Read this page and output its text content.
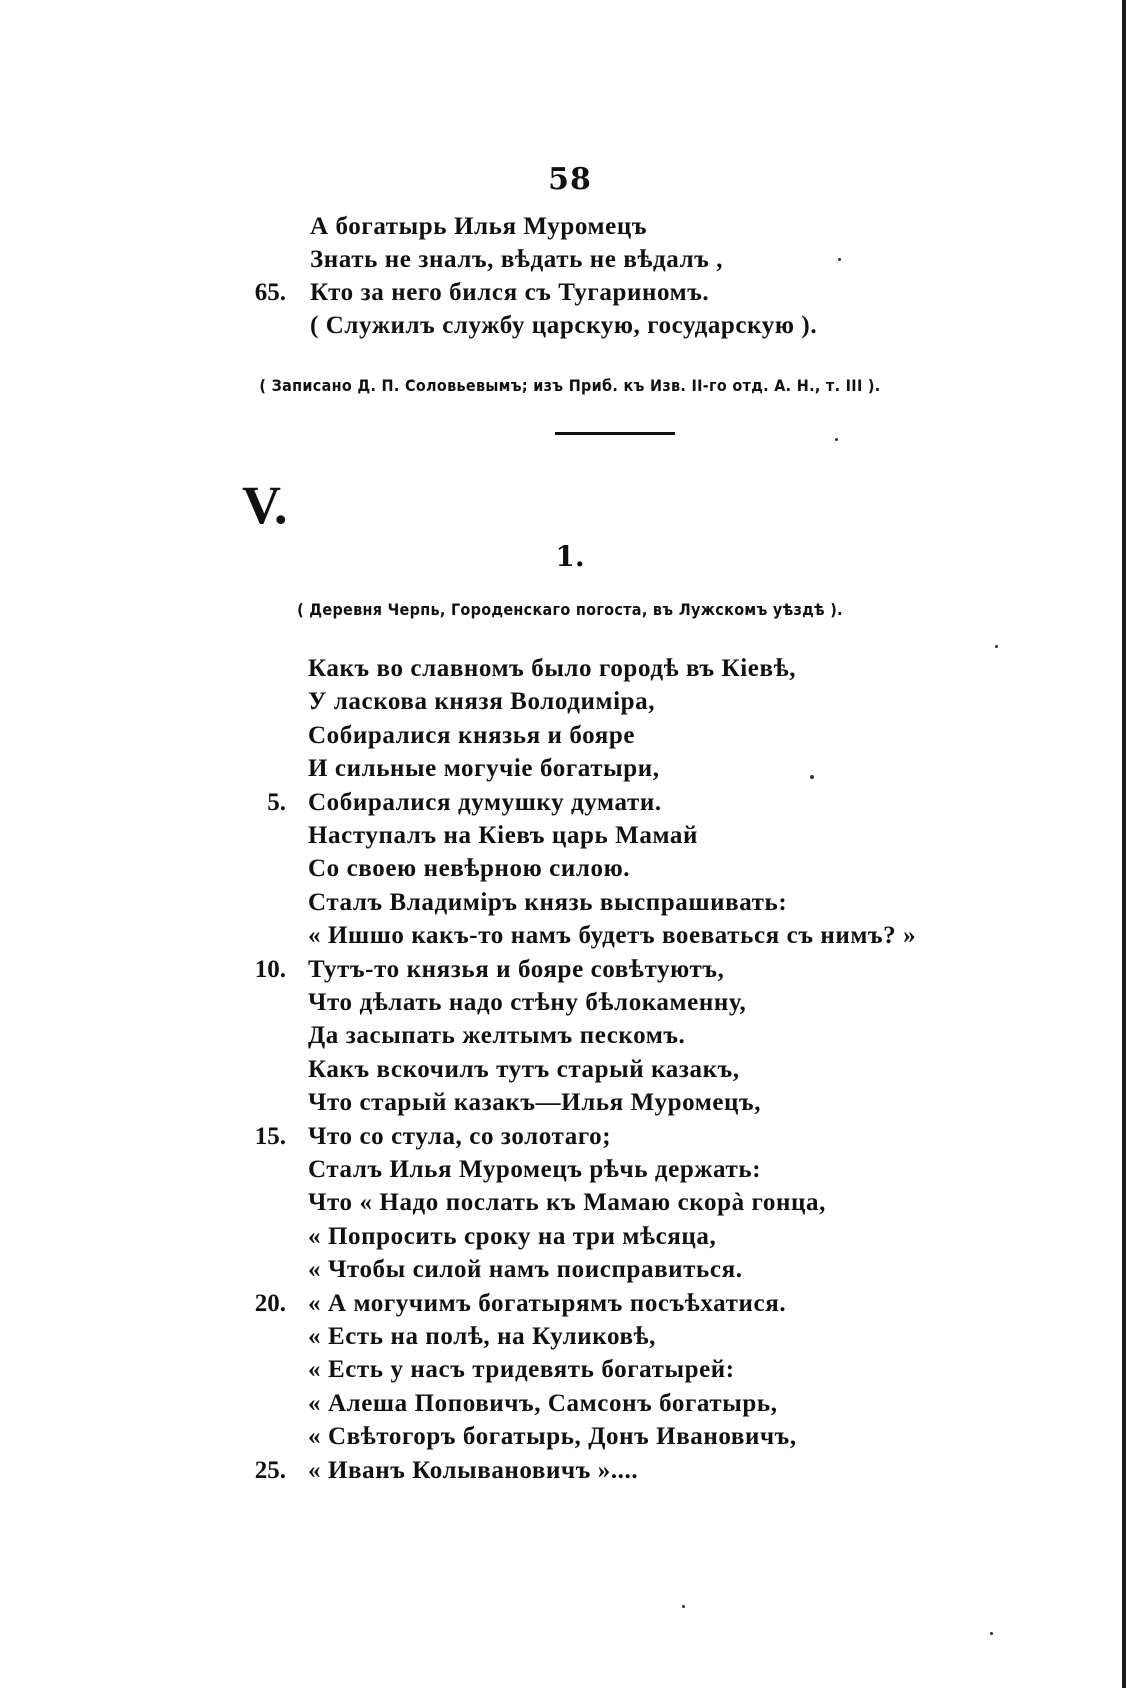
58
А богатырь Илья Муромецъ
Знать не зналъ, вѣдать не вѣдалъ ,
65. Кто за него бился съ Тугариномъ.
( Служилъ службу царскую, государскую ).
( Записано Д. П. Соловьевымъ; изъ Приб. къ Изв. II-го отд. А. Н., т. III ).
V.
1.
( Деревня Черпь, Городенскаго погоста, въ Лужскомъ уѣздѣ ).
Какъ во славномъ было городѣ въ Кіевѣ,
У ласкова князя Володиміра,
Собиралися князья и бояре
И сильные могучіе богатыри,
5. Собиралися думушку думати.
Наступалъ на Кіевъ царь Мамай
Со своею невѣрною силою.
Сталъ Владиміръ князь выспрашивать:
« Ишшо какъ-то намъ будетъ воеваться съ нимъ? »
10. Тутъ-то князья и бояре совѣтуютъ,
Что дѣлать надо стѣну бѣлокаменну,
Да засыпать желтымъ пескомъ.
Какъ вскочилъ тутъ старый казакъ,
Что старый казакъ—Илья Муромецъ,
15. Что со стула, со золотаго;
Сталъ Илья Муромецъ рѣчь держать:
Что « Надо послать къ Мамаю скорà гонца,
« Попросить сроку на три мѣсяца,
« Чтобы силой намъ поисправиться.
20. « А могучимъ богатырямъ посъѣхатися.
« Есть на полѣ, на Куликовѣ,
« Есть у насъ тридевять богатырей:
« Алеша Поповичъ, Самсонъ богатырь,
« Свѣтогоръ богатырь, Донъ Ивановичъ,
25. « Иванъ Колывановичъ »....
